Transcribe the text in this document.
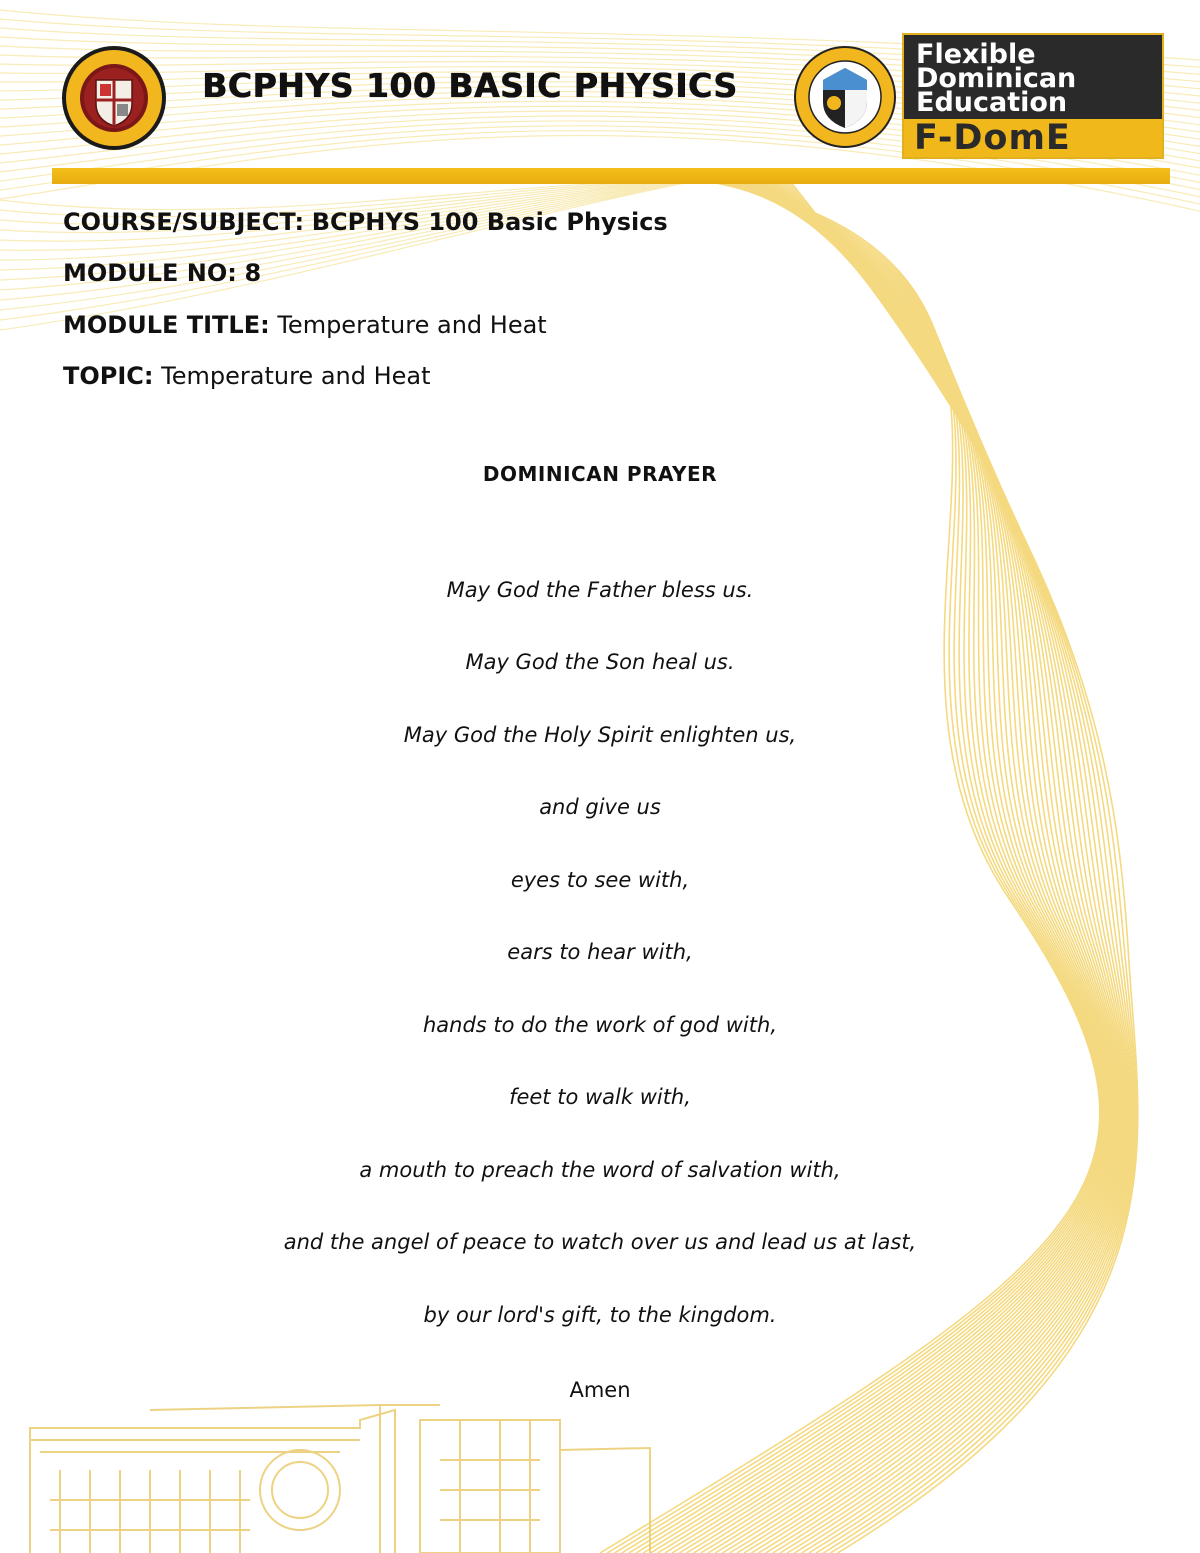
BCPHYS 100 BASIC PHYSICS
Flexible
Dominican
Education
F-DomE
COURSE/SUBJECT: BCPHYS 100 Basic Physics
MODULE NO: 8
MODULE TITLE: Temperature and Heat
TOPIC: Temperature and Heat
DOMINICAN PRAYER
May God the Father bless us.
May God the Son heal us.
May God the Holy Spirit enlighten us,
and give us
eyes to see with,
ears to hear with,
hands to do the work of god with,
feet to walk with,
a mouth to preach the word of salvation with,
and the angel of peace to watch over us and lead us at last,
by our lord's gift, to the kingdom.
Amen
